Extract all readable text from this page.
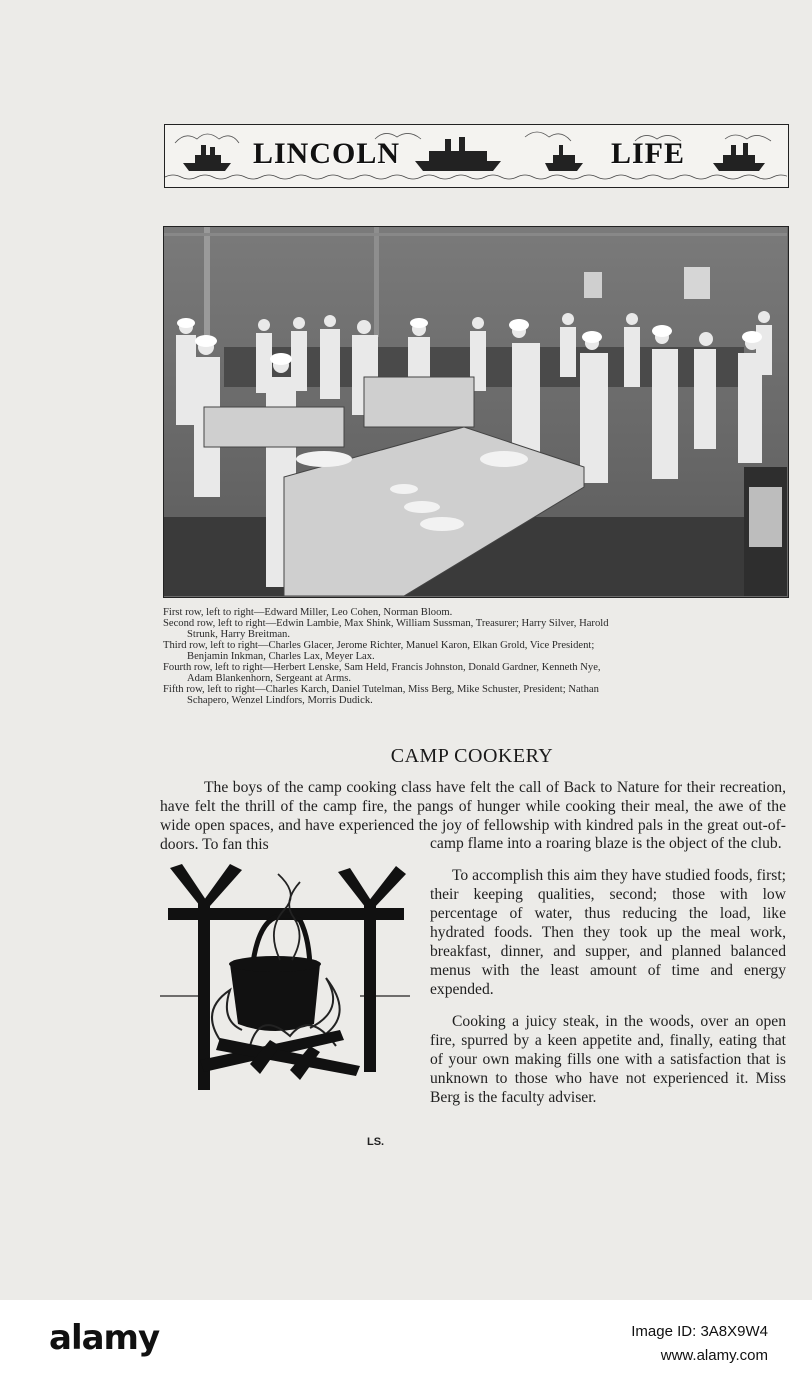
LINCOLN	LIFE
First row, left to right—Edward Miller, Leo Cohen, Norman Bloom.
Second row, left to right—Edwin Lambie, Max Shink, William Sussman, Treasurer; Harry Silver, Harold
Strunk, Harry Breitman.
Third row, left to right—Charles Glacer, Jerome Richter, Manuel Karon, Elkan Grold, Vice President;
Benjamin Inkman, Charles Lax, Meyer Lax.
Fourth row, left to right—Herbert Lenske, Sam Held, Francis Johnston, Donald Gardner, Kenneth Nye,
Adam Blankenhorn, Sergeant at Arms.
Fifth row, left to right—Charles Karch, Daniel Tutelman, Miss Berg, Mike Schuster, President; Nathan
Schapero, Wenzel Lindfors, Morris Dudick.
CAMP COOKERY

The boys of the camp cooking class have felt the call of Back to Nature for their recreation, have felt the thrill of the camp fire, the pangs of hunger while cooking their meal, the awe of the wide open spaces, and have experienced the joy of fellowship with kindred pals in the great out-of-doors. To fan this	camp flame into a roaring blaze is the object of the club.

To accomplish this aim they have studied foods, first; their keeping qualities, second; those with low percentage of water, thus reducing the load, like hydrated foods. Then they took up the meal work, breakfast, dinner, and supper, and planned balanced menus with the least amount of time and energy expended.

Cooking a juicy steak, in the woods, over an open fire, spurred by a keen appetite and, finally, eating that of your own making fills one with a satisfaction that is unknown to those who have not experienced it. Miss Berg is the faculty adviser.

LS.
alamy	Image ID: 3A8X9W4
www.alamy.com
